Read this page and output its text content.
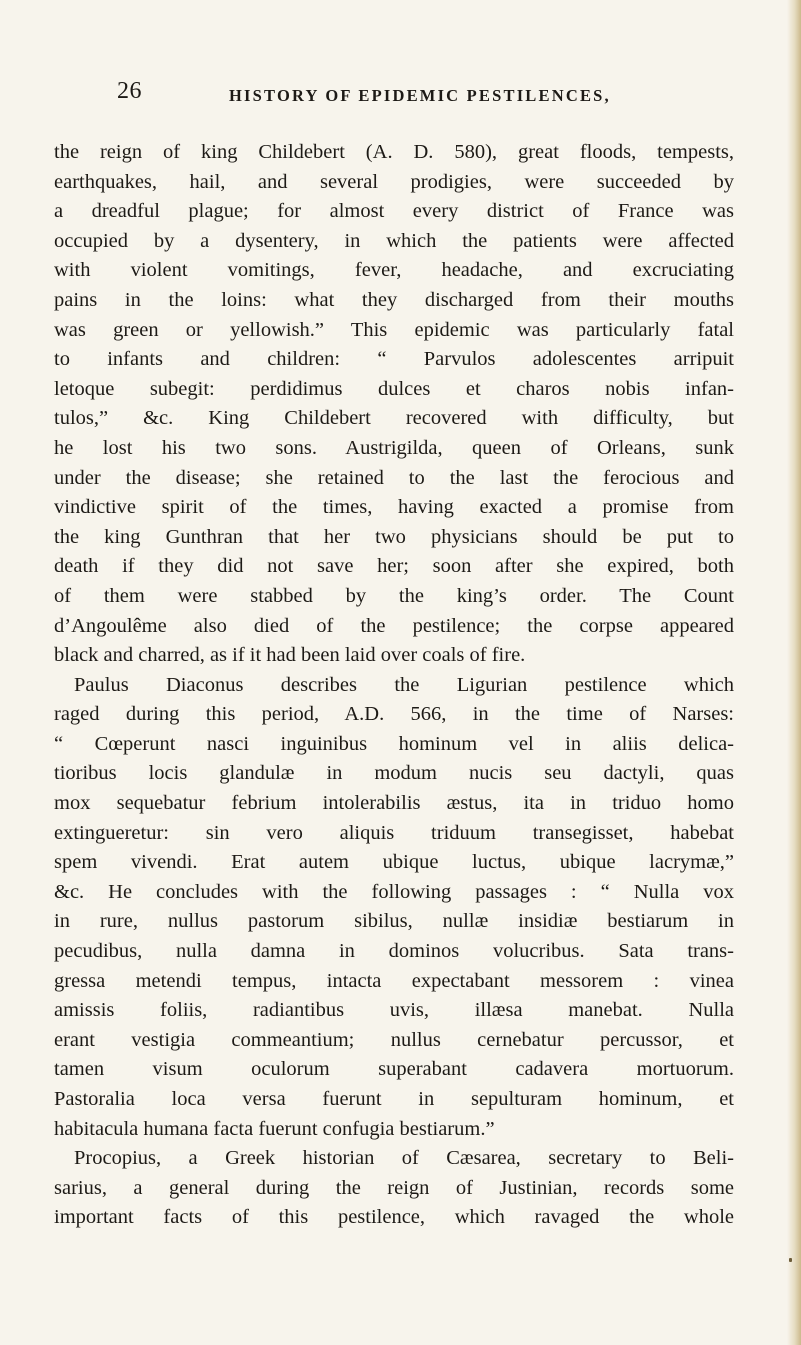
26	HISTORY OF EPIDEMIC PESTILENCES,
the reign of king Childebert (A. D. 580), great floods, tempests,
earthquakes, hail, and several prodigies, were succeeded by
a dreadful plague; for almost every district of France was
occupied by a dysentery, in which the patients were affected
with violent vomitings, fever, headache, and excruciating
pains in the loins: what they discharged from their mouths
was green or yellowish.” This epidemic was particularly fatal
to infants and children: “ Parvulos adolescentes arripuit
letoque subegit: perdidimus dulces et charos nobis infan-
tulos,” &c. King Childebert recovered with difficulty, but
he lost his two sons. Austrigilda, queen of Orleans, sunk
under the disease; she retained to the last the ferocious and
vindictive spirit of the times, having exacted a promise from
the king Gunthran that her two physicians should be put to
death if they did not save her; soon after she expired, both
of them were stabbed by the king’s order. The Count
d’Angoulême also died of the pestilence; the corpse appeared
black and charred, as if it had been laid over coals of fire.
Paulus Diaconus describes the Ligurian pestilence which
raged during this period, A.D. 566, in the time of Narses:
“ Cœperunt nasci inguinibus hominum vel in aliis delica-
tioribus locis glandulæ in modum nucis seu dactyli, quas
mox sequebatur febrium intolerabilis æstus, ita in triduo homo
extingueretur: sin vero aliquis triduum transegisset, habebat
spem vivendi. Erat autem ubique luctus, ubique lacrymæ,”
&c. He concludes with the following passages : “ Nulla vox
in rure, nullus pastorum sibilus, nullæ insidiæ bestiarum in
pecudibus, nulla damna in dominos volucribus. Sata trans-
gressa metendi tempus, intacta expectabant messorem : vinea
amissis foliis, radiantibus uvis, illæsa manebat. Nulla
erant vestigia commeantium; nullus cernebatur percussor, et
tamen visum oculorum superabant cadavera mortuorum.
Pastoralia loca versa fuerunt in sepulturam hominum, et
habitacula humana facta fuerunt confugia bestiarum.”
Procopius, a Greek historian of Cæsarea, secretary to Beli-
sarius, a general during the reign of Justinian, records some
important facts of this pestilence, which ravaged the whole
